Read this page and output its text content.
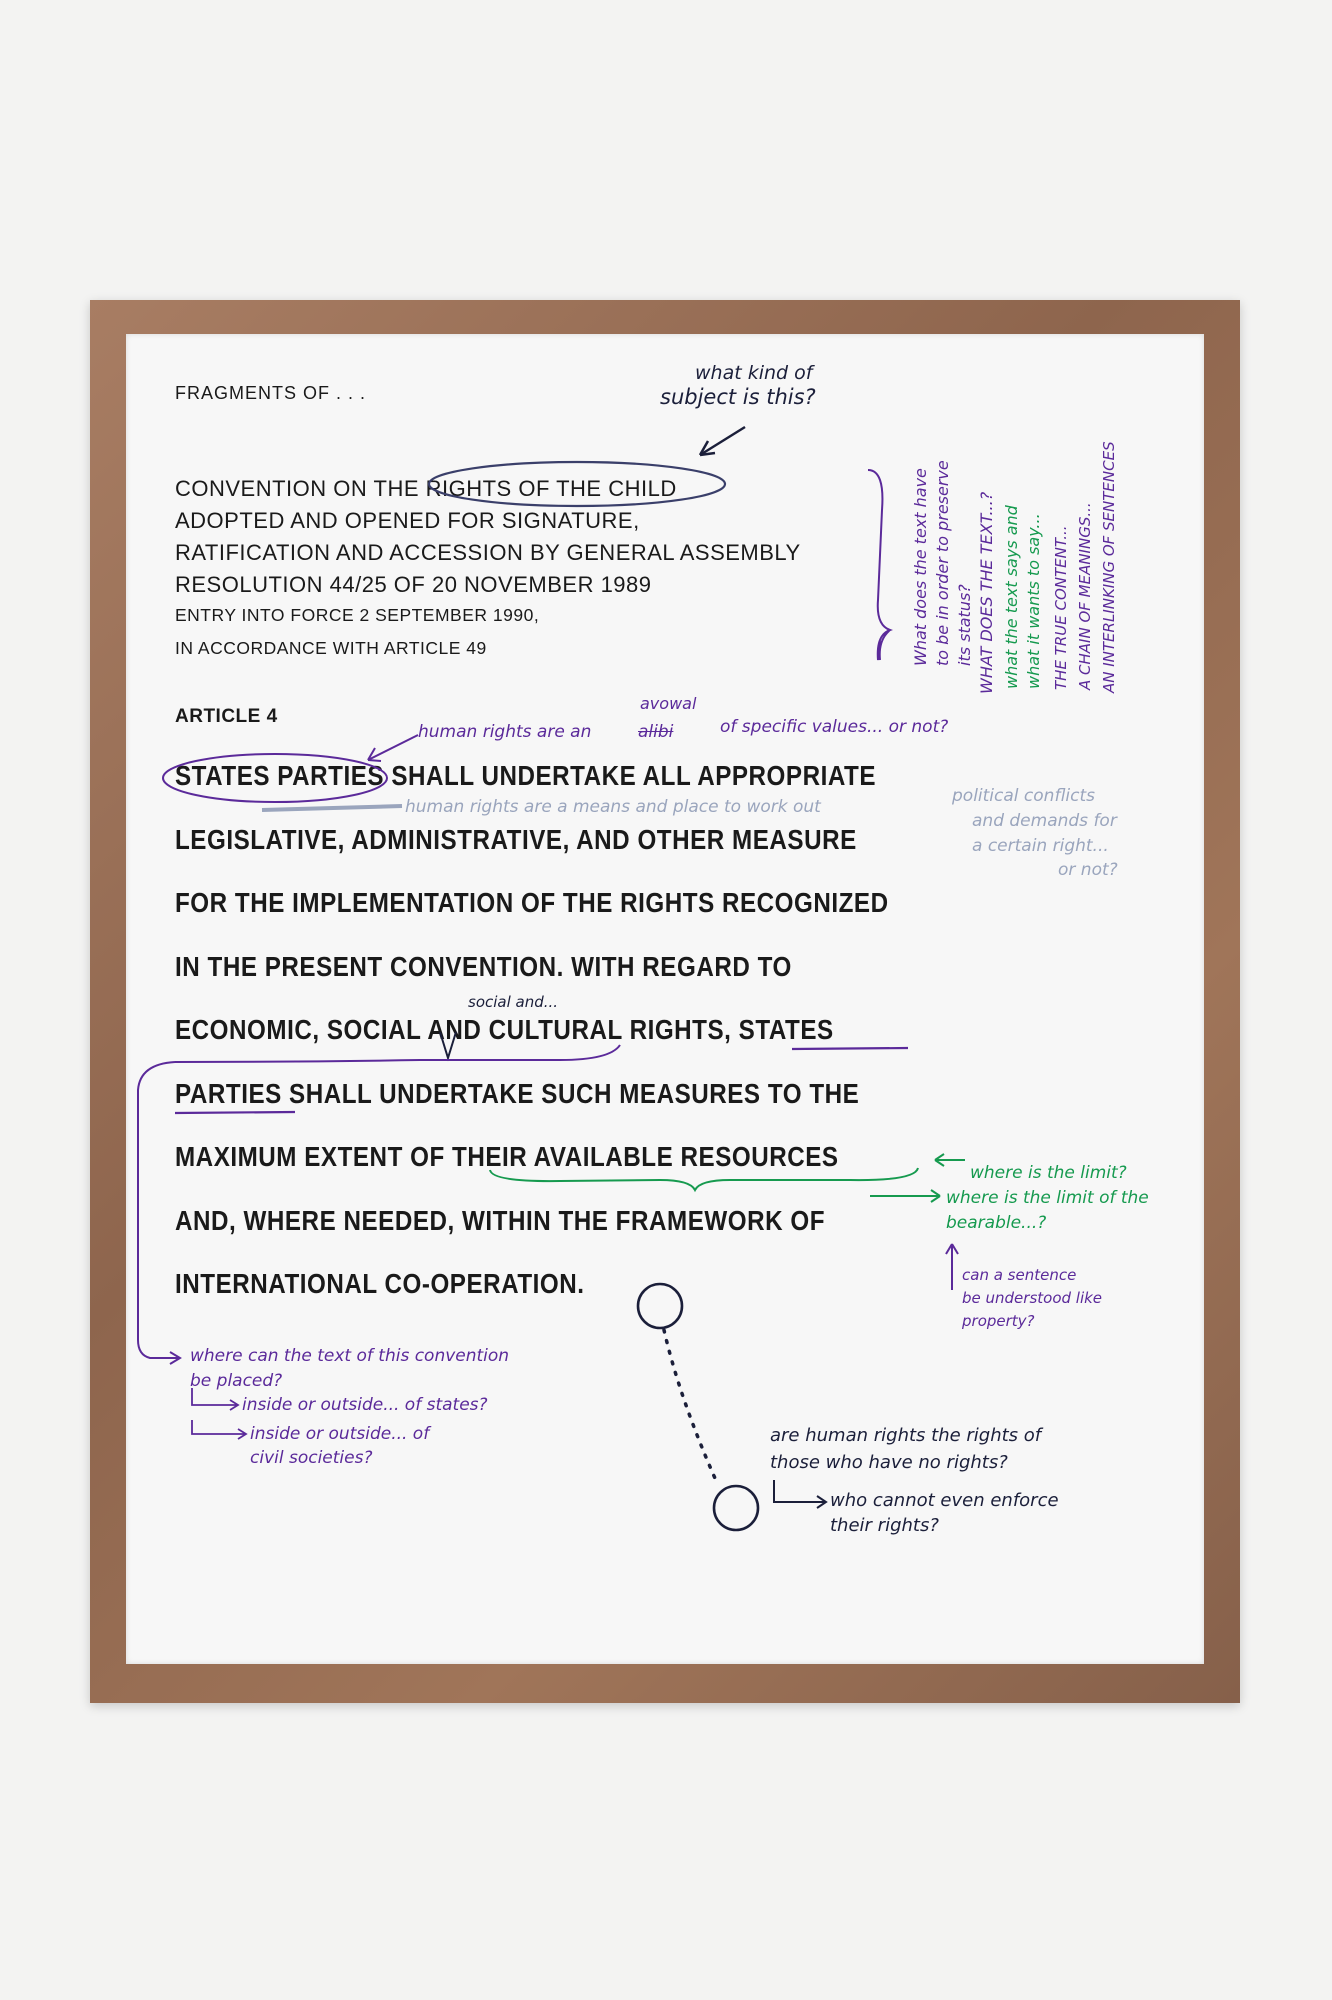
FRAGMENTS OF . . .
CONVENTION ON THE RIGHTS OF THE CHILD
ADOPTED AND OPENED FOR SIGNATURE,
RATIFICATION AND ACCESSION BY GENERAL ASSEMBLY
RESOLUTION 44/25 OF 20 NOVEMBER 1989
ENTRY INTO FORCE 2 SEPTEMBER 1990,
IN ACCORDANCE WITH ARTICLE 49
ARTICLE 4
STATES PARTIES SHALL UNDERTAKE ALL APPROPRIATE
LEGISLATIVE, ADMINISTRATIVE, AND OTHER MEASURE
FOR THE IMPLEMENTATION OF THE RIGHTS RECOGNIZED
IN THE PRESENT CONVENTION. WITH REGARD TO
ECONOMIC, SOCIAL AND CULTURAL RIGHTS, STATES
PARTIES SHALL UNDERTAKE SUCH MEASURES TO THE
MAXIMUM EXTENT OF THEIR AVAILABLE RESOURCES
AND, WHERE NEEDED, WITHIN THE FRAMEWORK OF
INTERNATIONAL CO-OPERATION.
what kind of
subject is this?
avowal
human rights are an	alibi	of specific values... or not?
human rights are a means and place to work out
political conflicts
and demands for
a certain right...
or not?
social and...
where is the limit?
where is the limit of the
bearable...?
can a sentence
be understood like
property?
where can the text of this convention
be placed?
inside or outside... of states?
inside or outside... of
civil societies?
are human rights the rights of
those who have no rights?
who cannot even enforce
their rights?
What does the text have to be in order to preserve its status? WHAT DOES THE TEXT...? what the text says and what it wants to say... THE TRUE CONTENT... A CHAIN OF MEANINGS... AN INTERLINKING OF SENTENCES
